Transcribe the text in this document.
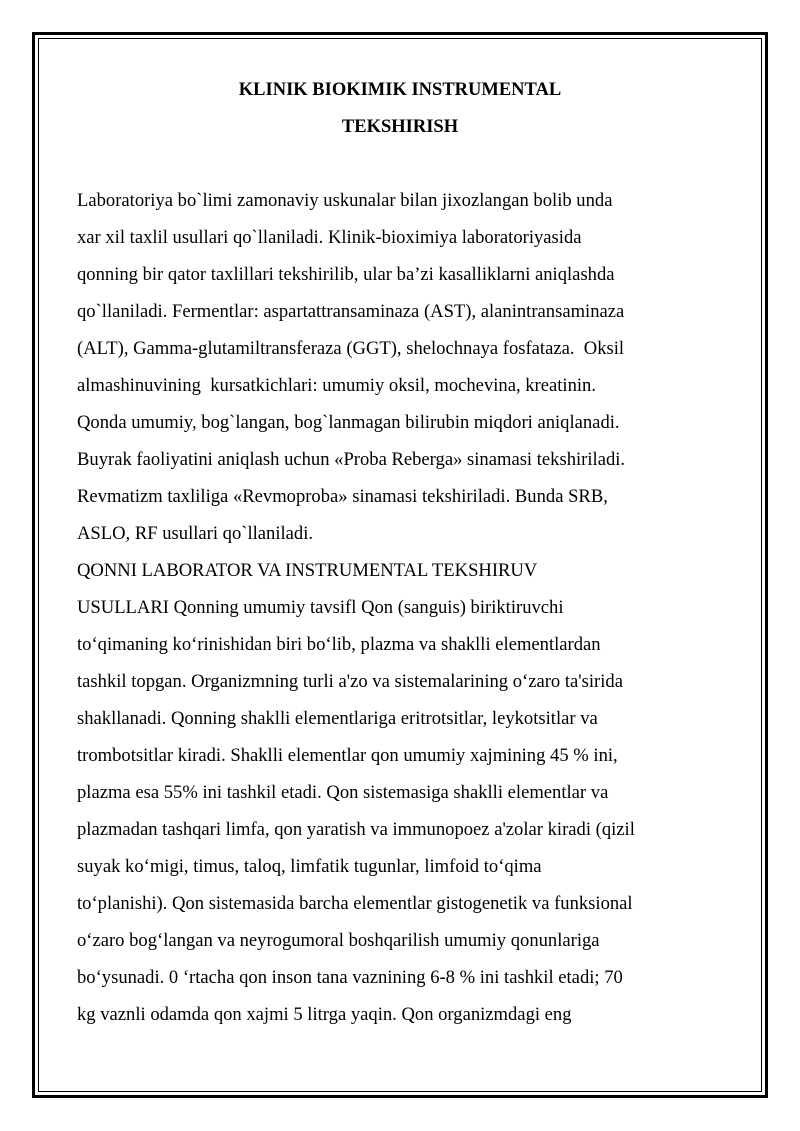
KLINIK BIOKIMIK INSTRUMENTAL
TEKSHIRISH
Laboratoriya bo`limi zamonaviy uskunalar bilan jixozlangan bolib unda
xar xil taxlil usullari qo`llaniladi. Klinik-bioximiya laboratoriyasida
qonning bir qator taxlillari tekshirilib, ular ba’zi kasalliklarni aniqlashda
qo`llaniladi. Fermentlar: aspartattransaminaza (AST), alanintransaminaza
(ALT), Gamma-glutamiltransferaza (GGT), shelochnaya fosfataza.  Oksil
almashinuvining  kursatkichlari: umumiy oksil, mochevina, kreatinin.
Qonda umumiy, bog`langan, bog`lanmagan bilirubin miqdori aniqlanadi.
Buyrak faoliyatini aniqlash uchun «Proba Reberga» sinamasi tekshiriladi.
Revmatizm taxliliga «Revmoproba» sinamasi tekshiriladi. Bunda SRB,
ASLO, RF usullari qo`llaniladi.
QONNI LABORATOR VA INSTRUMENTAL TEKSHIRUV
USULLARI Qonning umumiy tavsifl Qon (sanguis) biriktiruvchi
to‘qimaning ko‘rinishidan biri bo‘lib, plazma va shaklli elementlardan
tashkil topgan. Organizmning turli a'zo va sistemalarining o‘zaro ta'sirida
shakllanadi. Qonning shaklli elementlariga eritrotsitlar, leykotsitlar va
trombotsitlar kiradi. Shaklli elementlar qon umumiy xajmining 45 % ini,
plazma esa 55% ini tashkil etadi. Qon sistemasiga shaklli elementlar va
plazmadan tashqari limfa, qon yaratish va immunopoez a'zolar kiradi (qizil
suyak ko‘migi, timus, taloq, limfatik tugunlar, limfoid to‘qima
to‘planishi). Qon sistemasida barcha elementlar gistogenetik va funksional
o‘zaro bog‘langan va neyrogumoral boshqarilish umumiy qonunlariga
bo‘ysunadi. 0 ‘rtacha qon inson tana vaznining 6-8 % ini tashkil etadi; 70
kg vaznli odamda qon xajmi 5 litrga yaqin. Qon organizmdagi eng
